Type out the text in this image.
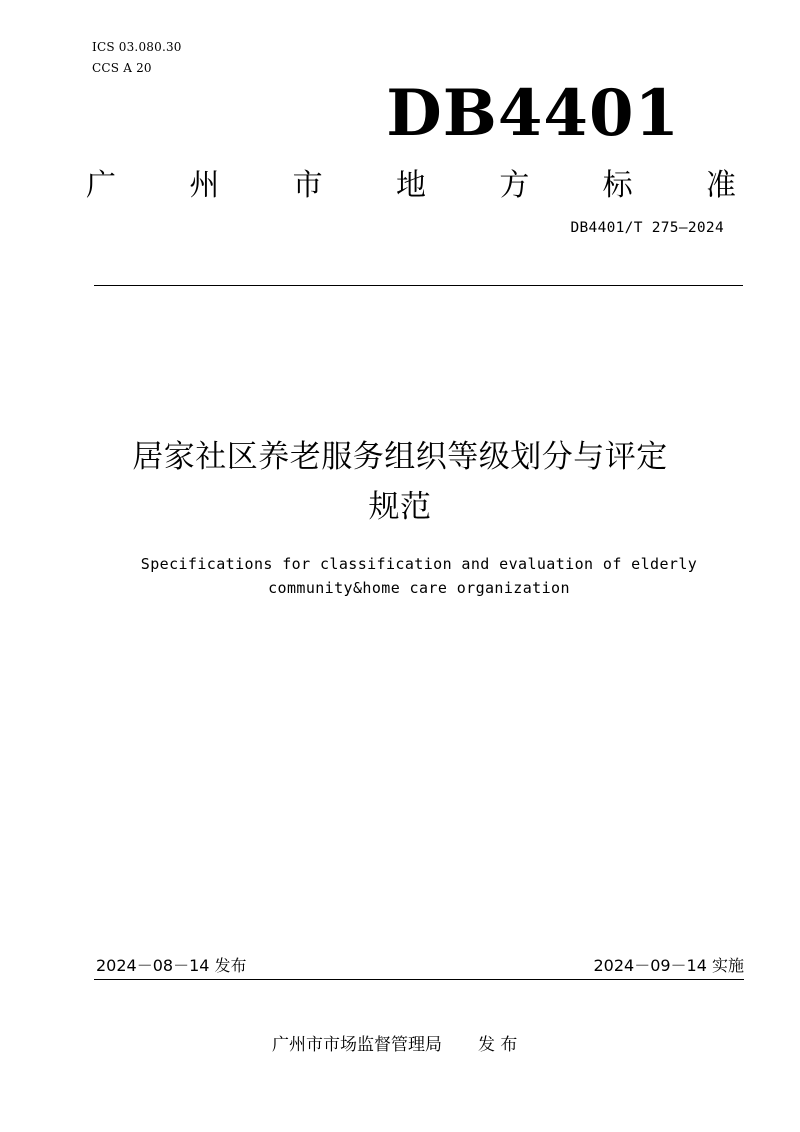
ICS 03.080.30
CCS A 20
DB4401
广 州 市 地 方 标 准
DB4401/T 275—2024
居家社区养老服务组织等级划分与评定
规范
Specifications for classification and evaluation of elderly
community&home care organization
2024－08－14 发布	2024－09－14 实施
广州市市场监督管理局 发 布
